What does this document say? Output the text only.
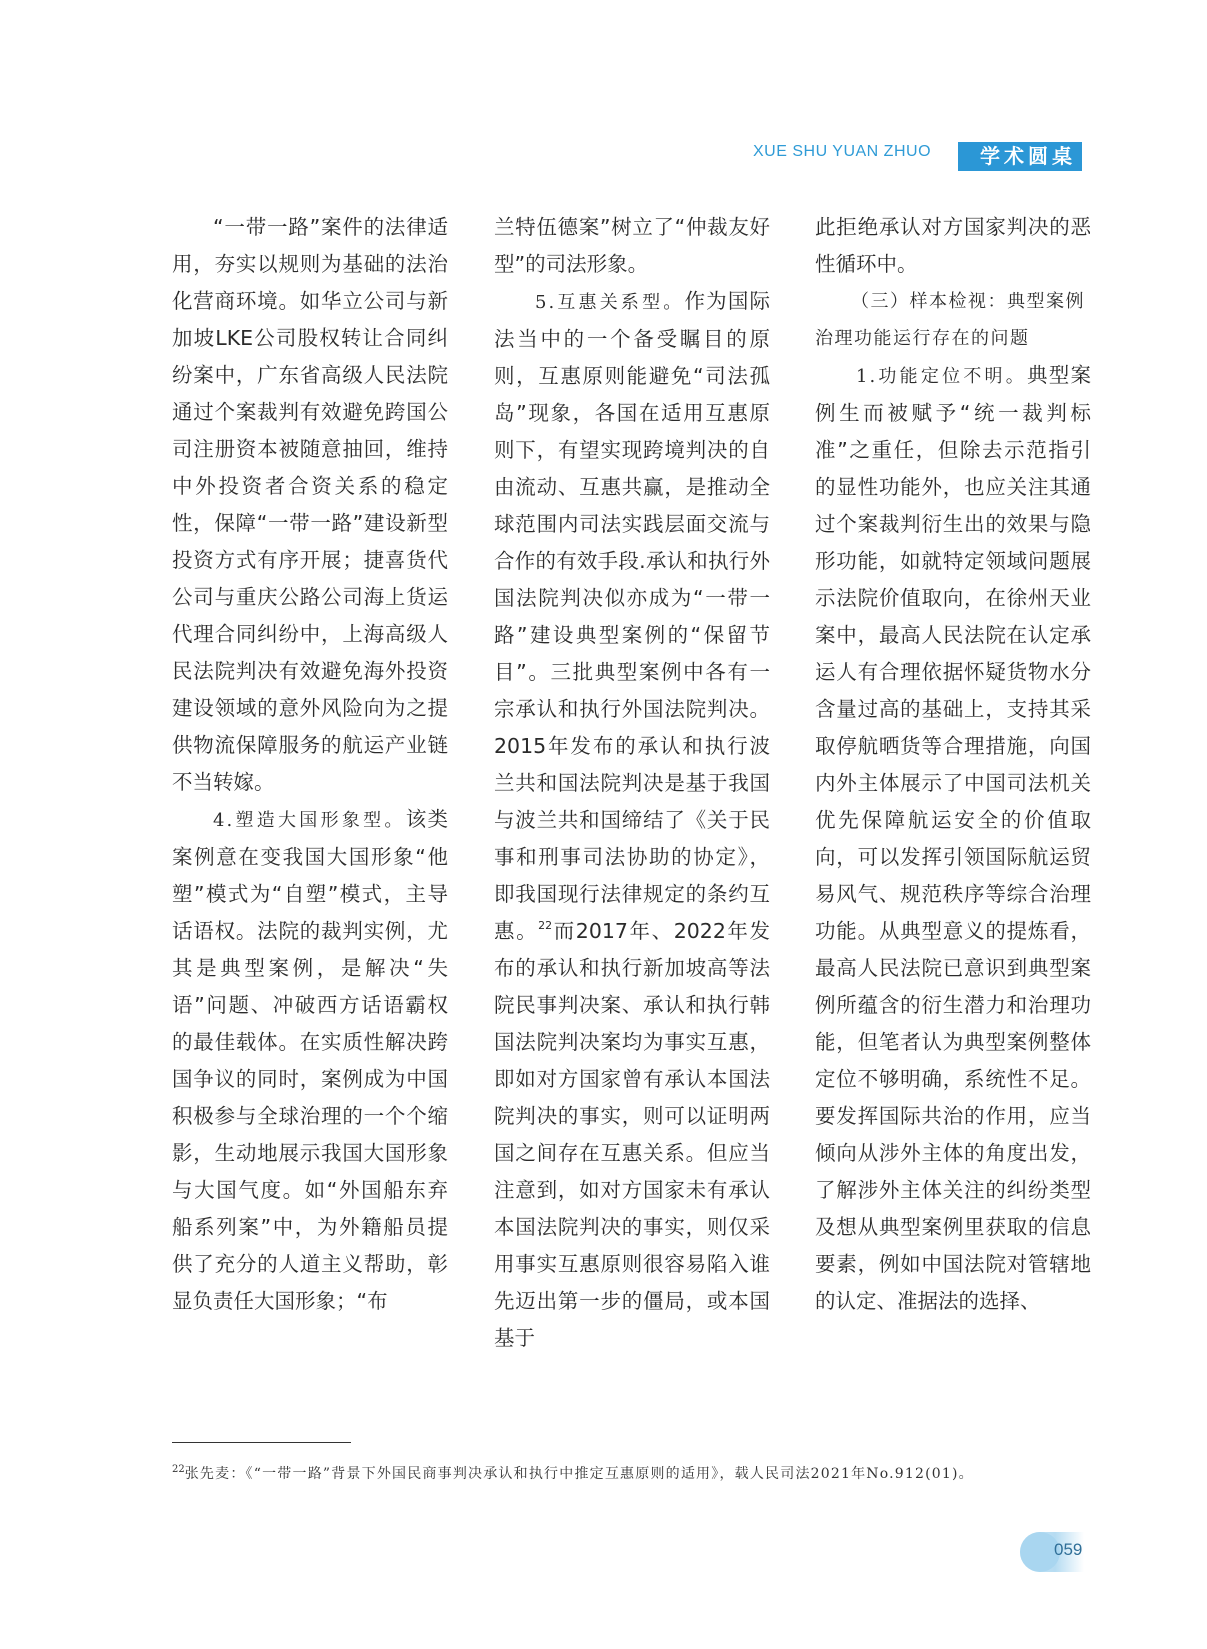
XUE SHU YUAN ZHUO	学术圆桌

“一带一路”案件的法律适用，夯实以规则为基础的法治化营商环境。如华立公司与新加坡LKE公司股权转让合同纠纷案中，广东省高级人民法院通过个案裁判有效避免跨国公司注册资本被随意抽回，维持中外投资者合资关系的稳定性，保障“一带一路”建设新型投资方式有序开展；捷喜货代公司与重庆公路公司海上货运代理合同纠纷中，上海高级人民法院判决有效避免海外投资建设领域的意外风险向为之提供物流保障服务的航运产业链不当转嫁。

4.塑造大国形象型。该类案例意在变我国大国形象“他塑”模式为“自塑”模式，主导话语权。法院的裁判实例，尤其是典型案例，是解决“失语”问题、冲破西方话语霸权的最佳载体。在实质性解决跨国争议的同时，案例成为中国积极参与全球治理的一个个缩影，生动地展示我国大国形象与大国气度。如“外国船东弃船系列案”中，为外籍船员提供了充分的人道主义帮助，彰显负责任大国形象；“布

兰特伍德案”树立了“仲裁友好型”的司法形象。

5.互惠关系型。作为国际法当中的一个备受瞩目的原则，互惠原则能避免“司法孤岛”现象，各国在适用互惠原则下，有望实现跨境判决的自由流动、互惠共赢，是推动全球范围内司法实践层面交流与合作的有效手段.承认和执行外国法院判决似亦成为“一带一路”建设典型案例的“保留节目”。三批典型案例中各有一宗承认和执行外国法院判决。2015年发布的承认和执行波兰共和国法院判决是基于我国与波兰共和国缔结了《关于民事和刑事司法协助的协定》，即我国现行法律规定的条约互惠。$^{22}$而2017年、2022年发布的承认和执行新加坡高等法院民事判决案、承认和执行韩国法院判决案均为事实互惠，即如对方国家曾有承认本国法院判决的事实，则可以证明两国之间存在互惠关系。但应当注意到，如对方国家未有承认本国法院判决的事实，则仅采用事实互惠原则很容易陷入谁先迈出第一步的僵局，或本国基于

此拒绝承认对方国家判决的恶性循环中。

（三）样本检视：典型案例治理功能运行存在的问题

1.功能定位不明。典型案例生而被赋予“统一裁判标准”之重任，但除去示范指引的显性功能外，也应关注其通过个案裁判衍生出的效果与隐形功能，如就特定领域问题展示法院价值取向，在徐州天业案中，最高人民法院在认定承运人有合理依据怀疑货物水分含量过高的基础上，支持其采取停航晒货等合理措施，向国内外主体展示了中国司法机关优先保障航运安全的价值取向，可以发挥引领国际航运贸易风气、规范秩序等综合治理功能。从典型意义的提炼看，最高人民法院已意识到典型案例所蕴含的衍生潜力和治理功能，但笔者认为典型案例整体定位不够明确，系统性不足。要发挥国际共治的作用，应当倾向从涉外主体的角度出发，了解涉外主体关注的纠纷类型及想从典型案例里获取的信息要素，例如中国法院对管辖地的认定、准据法的选择、

$^{22}$张先麦：《“一带一路”背景下外国民商事判决承认和执行中推定互惠原则的适用》，载人民司法2021年No.912(01)。
059
